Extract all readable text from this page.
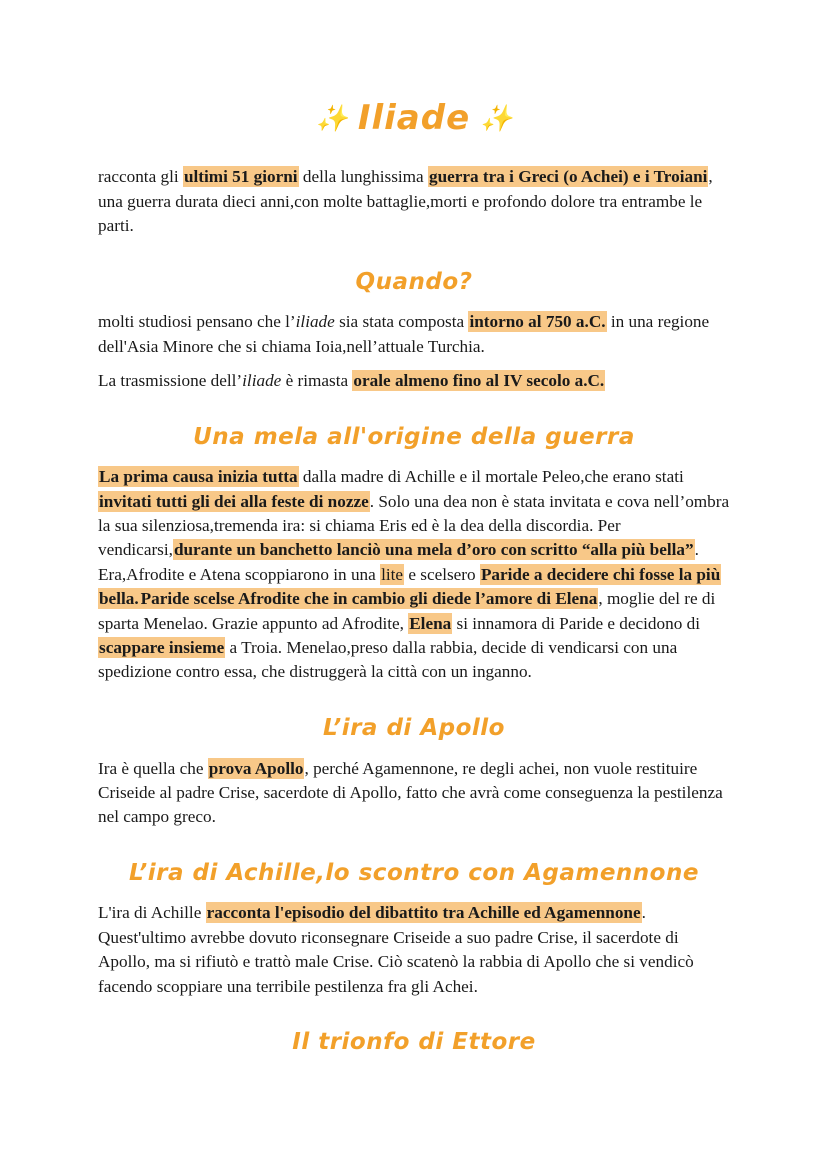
✨ Iliade ✨

racconta gli ultimi 51 giorni della lunghissima guerra tra i Greci (o Achei) e i Troiani, una guerra durata dieci anni,con molte battaglie,morti e profondo dolore tra entrambe le parti.

Quando?

molti studiosi pensano che l’iliade sia stata composta intorno al 750 a.C. in una regione dell'Asia Minore che si chiama Ioia,nell’attuale Turchia.

La trasmissione dell’iliade è rimasta orale almeno fino al IV secolo a.C.

Una mela all'origine della guerra

La prima causa inizia tutta dalla madre di Achille e il mortale Peleo,che erano stati invitati tutti gli dei alla feste di nozze. Solo una dea non è stata invitata e cova nell’ombra la sua silenziosa,tremenda ira: si chiama Eris ed è la dea della discordia. Per vendicarsi,durante un banchetto lanciò una mela d’oro con scritto “alla più bella”. Era,Afrodite e Atena scoppiarono in una lite e scelsero Paride a decidere chi fosse la più bella. Paride scelse Afrodite che in cambio gli diede l’amore di Elena, moglie del re di sparta Menelao. Grazie appunto ad Afrodite, Elena si innamora di Paride e decidono di scappare insieme a Troia. Menelao,preso dalla rabbia, decide di vendicarsi con una spedizione contro essa, che distruggerà la città con un inganno.

L’ira di Apollo

Ira è quella che prova Apollo, perché Agamennone, re degli achei, non vuole restituire Criseide al padre Crise, sacerdote di Apollo, fatto che avrà come conseguenza la pestilenza nel campo greco.

L’ira di Achille,lo scontro con Agamennone

L'ira di Achille racconta l'episodio del dibattito tra Achille ed Agamennone. Quest'ultimo avrebbe dovuto riconsegnare Criseide a suo padre Crise, il sacerdote di Apollo, ma si rifiutò e trattò male Crise. Ciò scatenò la rabbia di Apollo che si vendicò facendo scoppiare una terribile pestilenza fra gli Achei.

Il trionfo di Ettore
